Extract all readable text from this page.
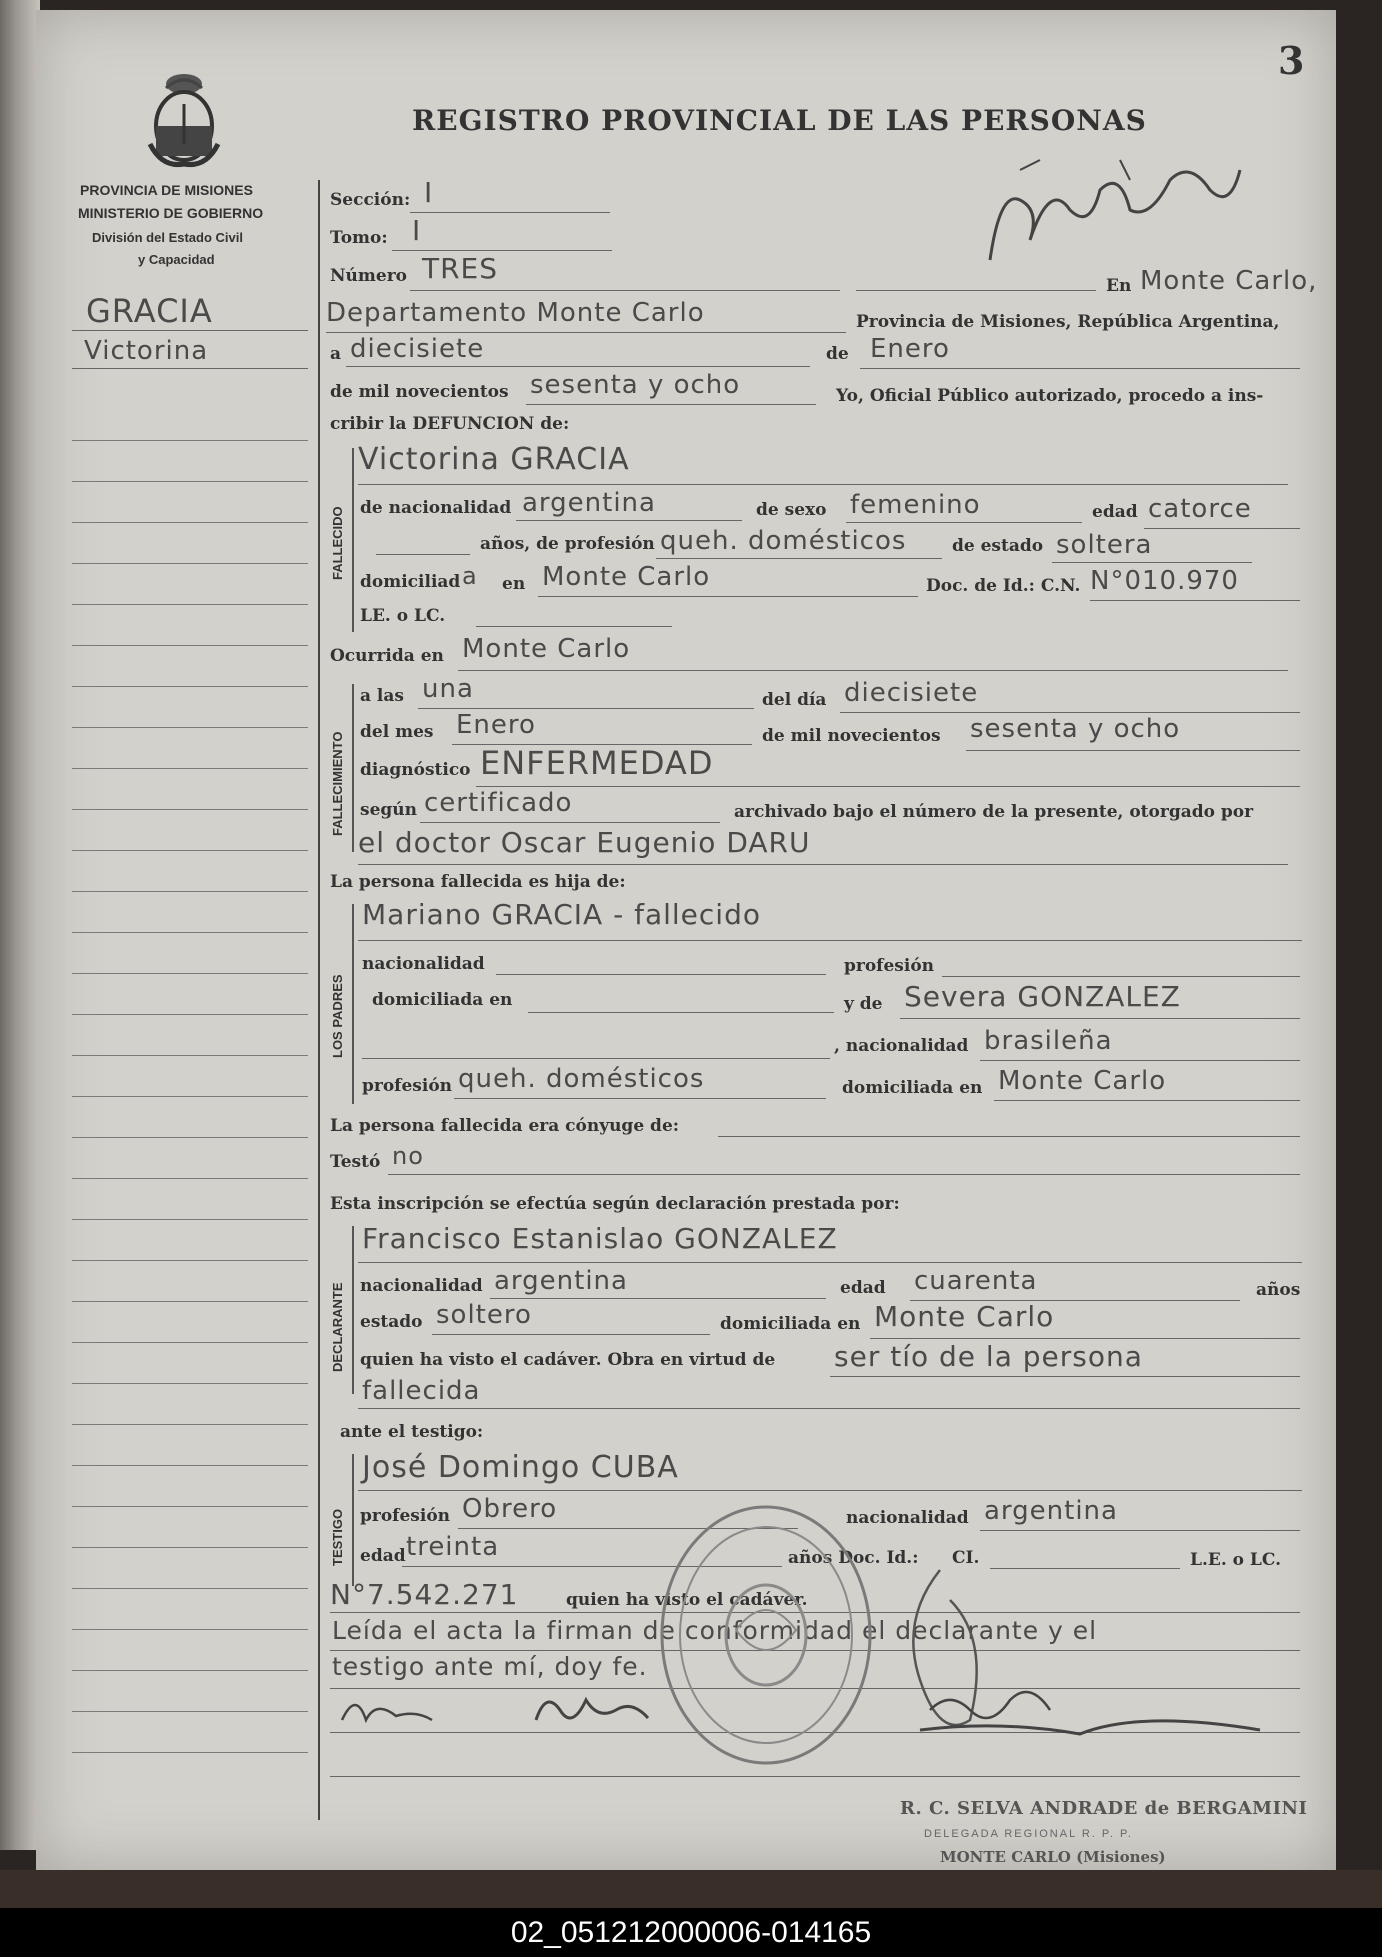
3
PROVINCIA DE MISIONES
MINISTERIO DE GOBIERNO
División del Estado Civil
y Capacidad
REGISTRO PROVINCIAL DE LAS PERSONAS
GRACIA
Victorina
Sección: I
Tomo: I
Número TRES
En Monte Carlo,
Departamento Monte Carlo	Provincia de Misiones, República Argentina,
a diecisiete	de Enero
de mil novecientos sesenta y ocho	Yo, Oficial Público autorizado, procedo a ins-
cribir la DEFUNCION de:
FALLECIDO
Victorina GRACIA
de nacionalidad argentina	de sexo femenino	edad catorce
años, de profesión queh. domésticos	de estado soltera
domiciliad a en Monte Carlo	Doc. de Id.: C.N. N°010.970
LE. o LC.
Ocurrida en Monte Carlo
FALLECIMIENTO
a las una	del día diecisiete
del mes Enero	de mil novecientos sesenta y ocho
diagnóstico ENFERMEDAD
según certificado	archivado bajo el número de la presente, otorgado por
el doctor Oscar Eugenio DARU
La persona fallecida es hija de:
LOS PADRES
Mariano GRACIA - fallecido
nacionalidad	profesión
domiciliada en	y de Severa GONZALEZ
, nacionalidad brasileña
profesión queh. domésticos	domiciliada en Monte Carlo
La persona fallecida era cónyuge de:
Testó no
Esta inscripción se efectúa según declaración prestada por:
DECLARANTE
Francisco Estanislao GONZALEZ
nacionalidad argentina	edad cuarenta	años
estado soltero	domiciliada en Monte Carlo
quien ha visto el cadáver. Obra en virtud de ser tío de la persona
fallecida
ante el testigo:
TESTIGO
José Domingo CUBA
profesión Obrero	nacionalidad argentina
edad treinta	años Doc. Id.: CI.	L.E. o LC.
N°7.542.271	quien ha visto el cadáver.
Leída el acta la firman de conformidad el declarante y el
testigo ante mí, doy fe.
R. C. SELVA ANDRADE de BERGAMINI
DELEGADA REGIONAL R. P. P.
MONTE CARLO (Misiones)
02_051212000006-014165
